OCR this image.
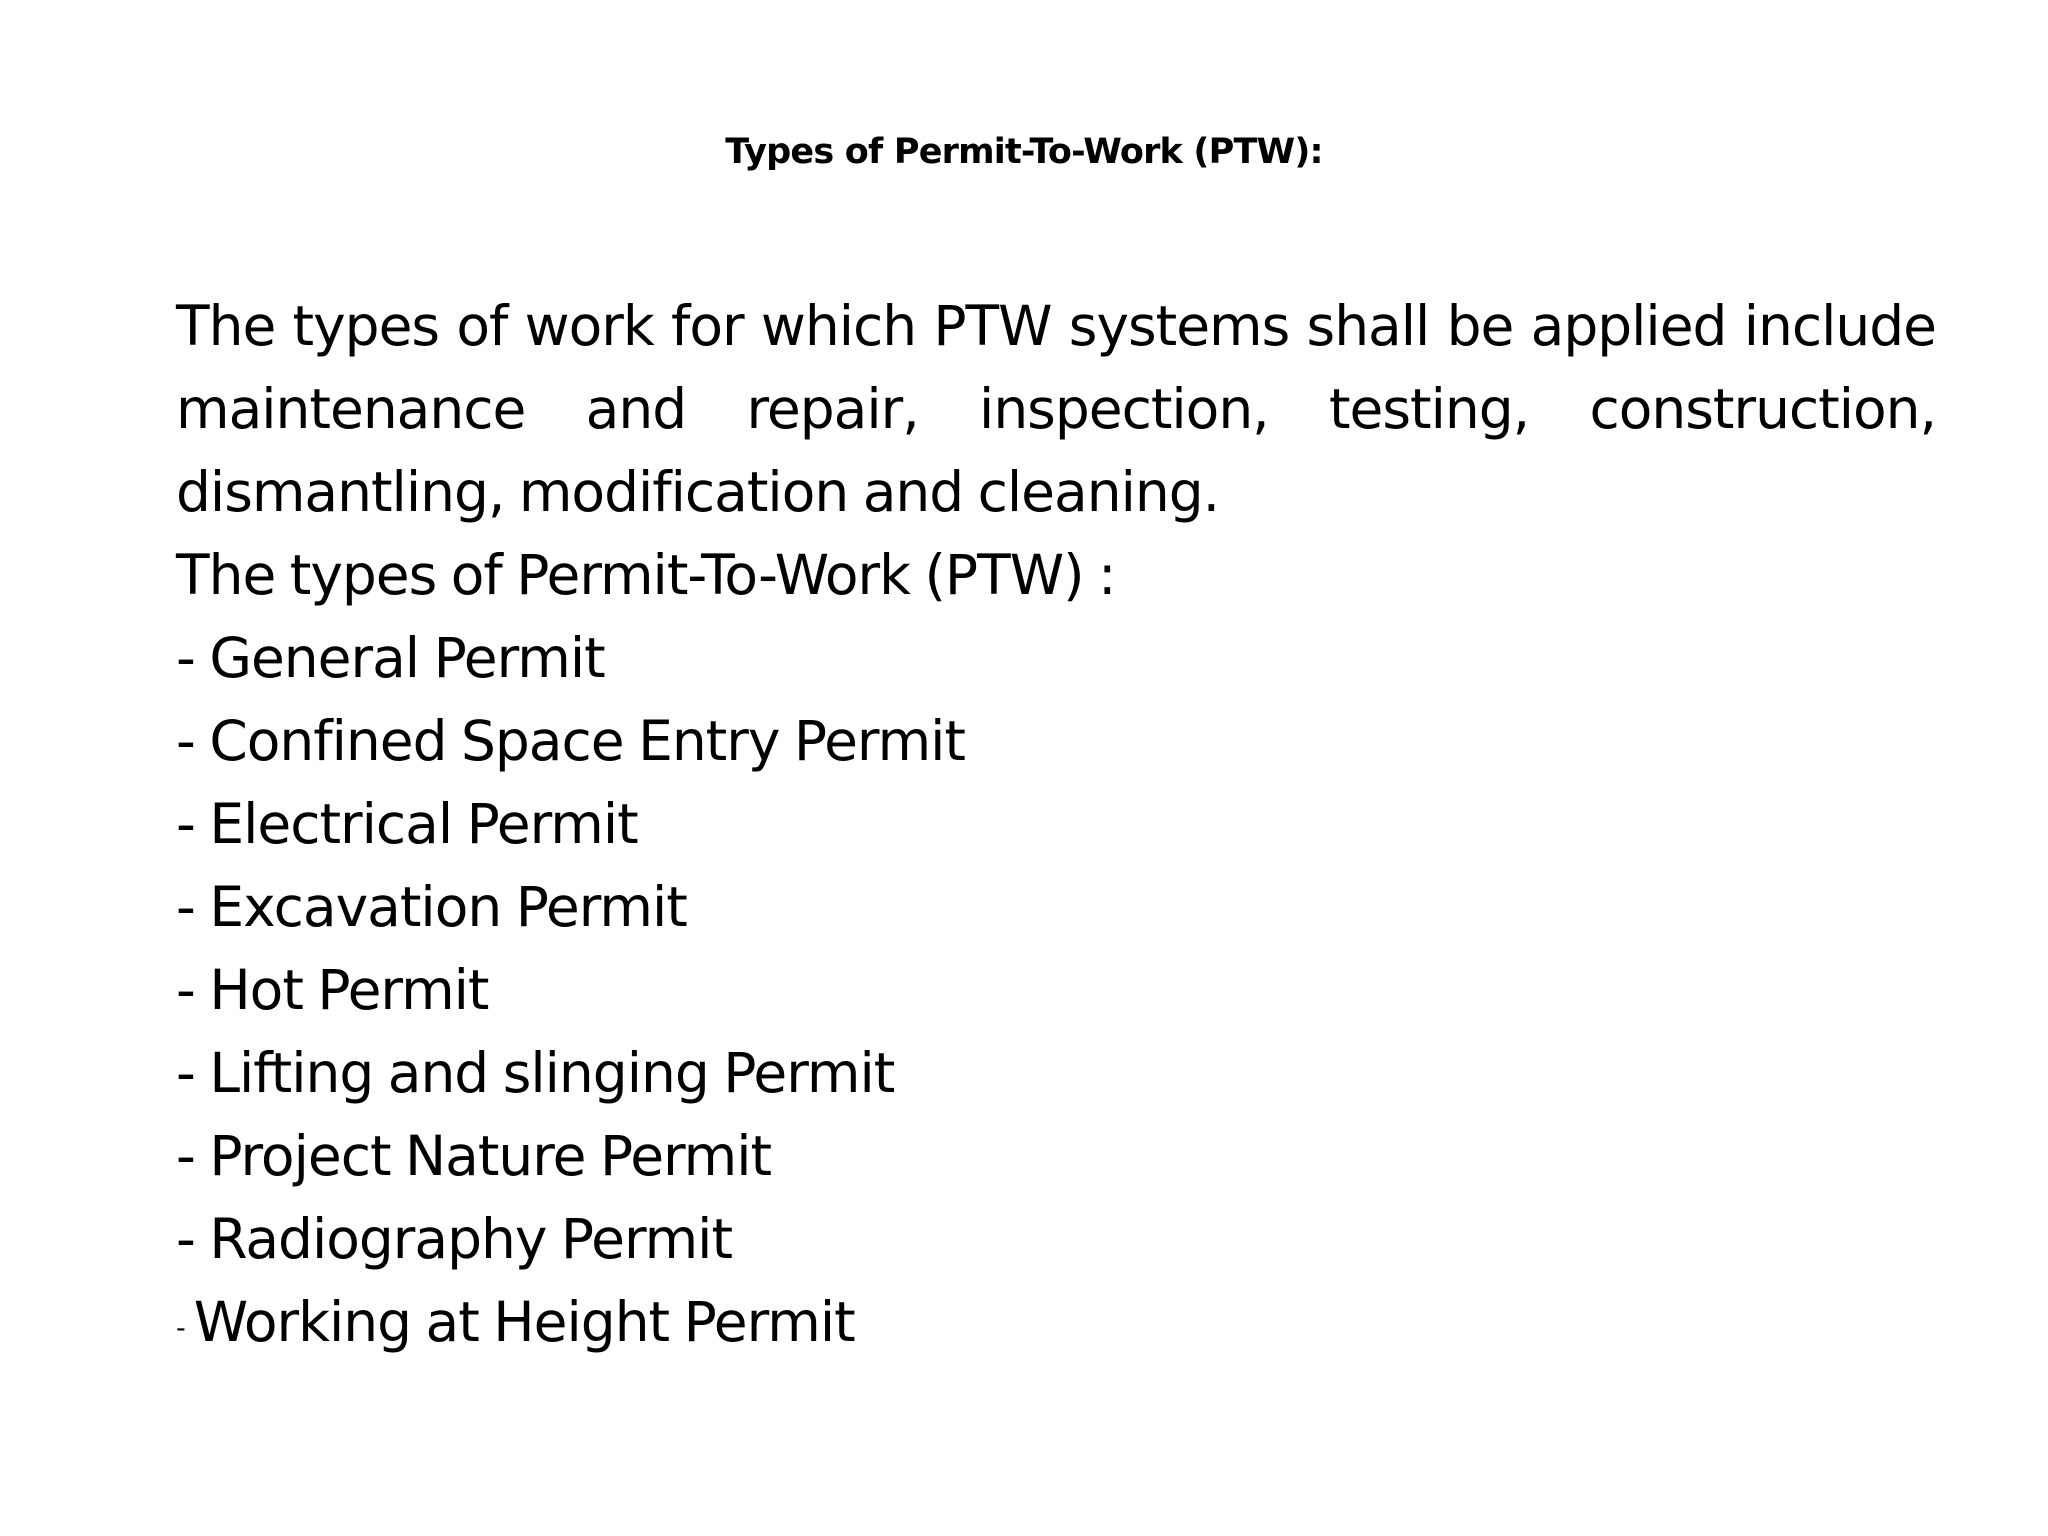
Types of Permit-To-Work (PTW):

The types of work for which PTW systems shall be applied include maintenance and repair, inspection, testing, construction, dismantling, modification and cleaning.

The types of Permit-To-Work (PTW) :
- General Permit
- Confined Space Entry Permit
- Electrical Permit
- Excavation Permit
- Hot Permit
- Lifting and slinging Permit
- Project Nature Permit
- Radiography Permit
- Working at Height Permit
